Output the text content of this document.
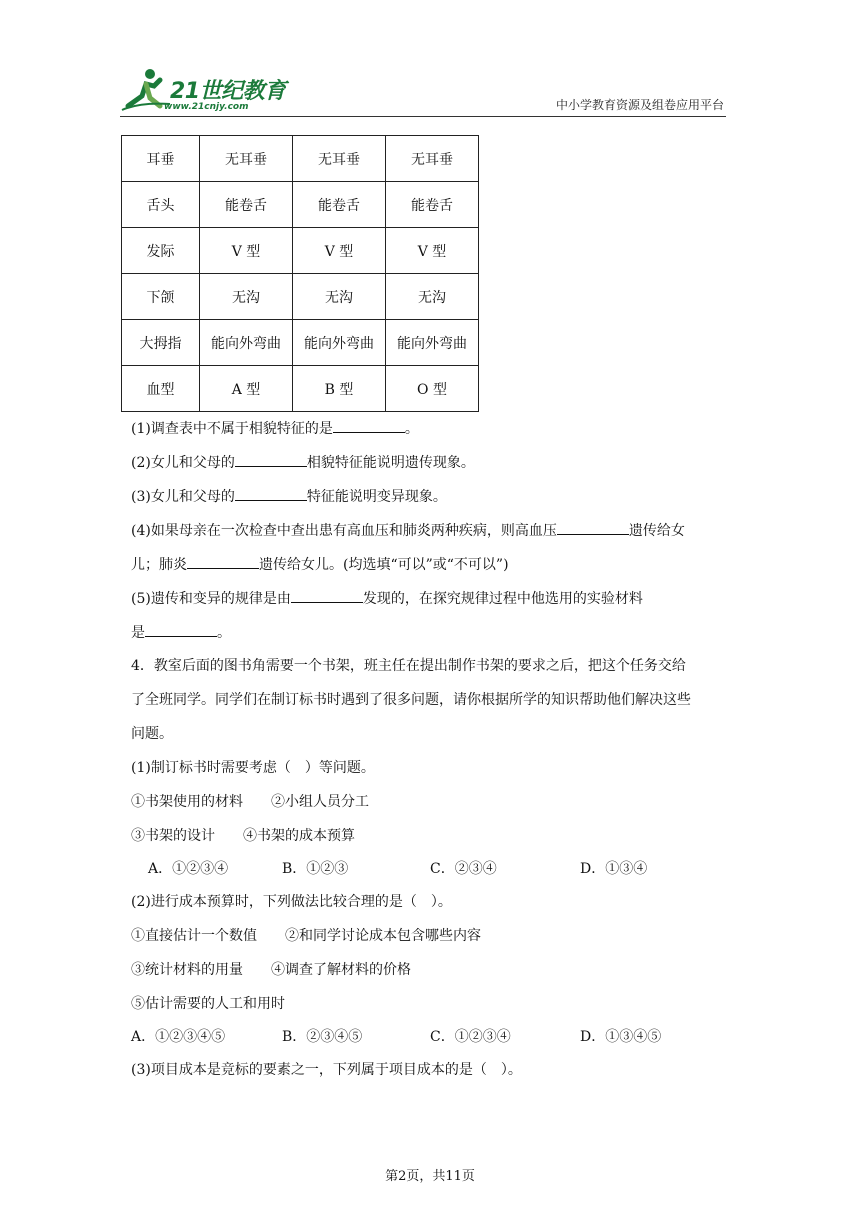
21世纪教育
www.21cnjy.com	中小学教育资源及组卷应用平台
耳垂	无耳垂	无耳垂	无耳垂
舌头	能卷舌	能卷舌	能卷舌
发际	V 型	V 型	V 型
下颌	无沟	无沟	无沟
大拇指	能向外弯曲	能向外弯曲	能向外弯曲
血型	A 型	B 型	O 型
(1)调查表中不属于相貌特征的是	。
(2)女儿和父母的	相貌特征能说明遗传现象。
(3)女儿和父母的	特征能说明变异现象。
(4)如果母亲在一次检查中查出患有高血压和肺炎两种疾病，则高血压	遗传给女
儿；肺炎	遗传给女儿。(均选填“可以”或“不可以”)
(5)遗传和变异的规律是由	发现的，在探究规律过程中他选用的实验材料
是	。
4．教室后面的图书角需要一个书架，班主任在提出制作书架的要求之后，把这个任务交给
了全班同学。同学们在制订标书时遇到了很多问题，请你根据所学的知识帮助他们解决这些
问题。
(1)制订标书时需要考虑（　）等问题。
①书架使用的材料　　②小组人员分工
③书架的设计　　④书架的成本预算
A．①②③④	B．①②③	C．②③④	D．①③④
(2)进行成本预算时，下列做法比较合理的是（　）。
①直接估计一个数值　　②和同学讨论成本包含哪些内容
③统计材料的用量　　④调查了解材料的价格
⑤估计需要的人工和用时
A．①②③④⑤	B．②③④⑤	C．①②③④	D．①③④⑤
(3)项目成本是竞标的要素之一，下列属于项目成本的是（　）。
第2页，共11页
